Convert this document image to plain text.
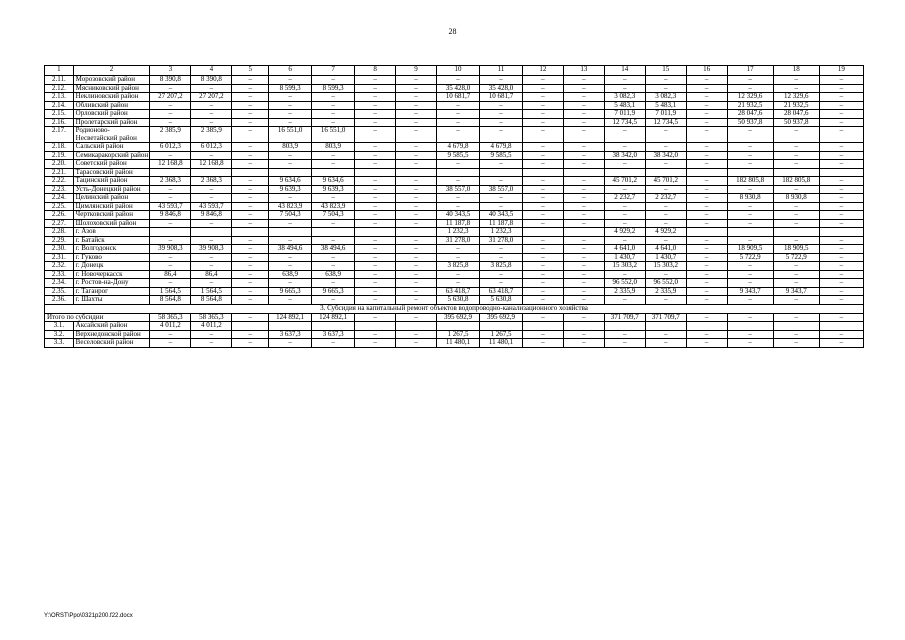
28
1	2	3	4	5	6	7	8	9	10	11	12	13	14	15	16	17	18	19
2.11.	Морозовский район	8 390,8	8 390,8	–	–	–	–	–	–	–	–	–	–	–	–	–	–	–
2.12.	Мясниковский район	–	–	–	8 599,3	8 599,3	–	–	35 428,0	35 428,0	–	–	–	–	–	–	–	–
2.13.	Неклиновский район	27 207,2	27 207,2	–	–	–	–	–	10 681,7	10 681,7	–	–	3 082,3	3 082,3	–	12 329,6	12 329,6	–
2.14.	Обливский район	–	–	–	–	–	–	–	–	–	–	–	5 483,1	5 483,1	–	21 932,5	21 932,5	–
2.15.	Орловский район	–	–	–	–	–	–	–	–	–	–	–	7 011,9	7 011,9	–	28 047,6	28 047,6	–
2.16.	Пролетарский район	–	–	–	–	–	–	–	–	–	–	–	12 734,5	12 734,5	–	50 937,8	50 937,8	–
2.17.	Родионово-Несветайский район	2 385,9	2 385,9	–	16 551,0	16 551,0	–	–	–	–	–	–	–	–	–	–	–	–
2.18.	Сальский район	6 012,3	6 012,3	–	803,9	803,9	–	–	4 679,8	4 679,8	–	–	–	–	–	–	–	–
2.19.	Семикаракорский район	–	–	–	–	–	–	–	9 585,5	9 585,5	–	–	38 342,0	38 342,0	–	–	–	–
2.20.	Советский район	12 168,8	12 168,8	–	–	–	–	–	–	–	–	–	–	–	–	–	–	–
2.21.	Тарасовский район																	
2.22.	Тацинский район	2 368,3	2 368,3	–	9 634,6	9 634,6	–	–	–	–	–	–	45 701,2	45 701,2	–	182 805,8	182 805,8	–
2.23.	Усть-Донецкий район	–	–	–	9 639,3	9 639,3	–	–	38 557,0	38 557,0	–	–	–	–	–	–	–	–
2.24.	Целинский район	–	–	–	–	–	–	–	–	–	–	–	2 232,7	2 232,7	–	8 930,8	8 930,8	–
2.25.	Цимлянский район	43 593,7	43 593,7	–	43 823,9	43 823,9	–	–	–	–	–	–	–	–	–	–	–	–
2.26.	Чертковский район	9 846,8	9 846,8	–	7 504,3	7 504,3	–	–	40 343,5	40 343,5	–	–	–	–	–	–	–	–
2.27.	Шолоховский район	–	–	–	–	–	–	–	11 187,8	11 187,8	–	–	–	–	–	–	–	–
2.28.	г. Азов								1 232,3	1 232,3			4 929,2	4 929,2				
2.29.	г. Батайск	–	–	–	–	–	–	–	31 278,0	31 278,0	–	–	–	–	–	–	–	–
2.30.	г. Волгодонск	39 908,3	39 908,3	–	38 494,6	38 494,6	–	–	–	–	–	–	4 641,0	4 641,0	–	18 909,5	18 909,5	–
2.31.	г. Гуково	–	–	–	–	–	–	–	–	–	–	–	1 430,7	1 430,7	–	5 722,9	5 722,9	–
2.32.	г. Донецк	–	–	–	–	–	–	–	3 825,8	3 825,8	–	–	15 303,2	15 303,2	–	–	–	–
2.33.	г. Новочеркасск	86,4	86,4	–	638,9	638,9	–	–	–	–	–	–	–	–	–	–	–	–
2.34.	г. Ростов-на-Дону	–	–	–	–	–	–	–	–	–	–	–	96 552,0	96 552,0	–	–	–	–
2.35.	г. Таганрог	1 564,5	1 564,5	–	9 665,3	9 665,3	–	–	63 418,7	63 418,7	–	–	2 335,9	2 335,9	–	9 343,7	9 343,7	–
2.36.	г. Шахты	8 564,8	8 564,8	–	–	–	–	–	5 630,8	5 630,8	–	–	–	–	–	–	–	–
3. Субсидия на капитальный ремонт объектов водопроводно-канализационного хозяйства																		
Итого по субсидии		58 365,3	58 365,3	–	124 892,1	124 892,1	–	–	395 692,9	395 692,9	–	–	371 709,7	371 709,7	–	–	–	–
3.1.	Аксайский район	4 011,2	4 011,2															
3.2.	Верхнедонской район	–	–	–	3 637,3	3 637,3	–	–	1 267,5	1 267,5	–	–	–	–	–	–	–	–
3.3.	Веселовский район	–	–	–	–	–	–	–	11 480,1	11 480,1	–	–	–	–	–	–	–	–
Y:\ORST\Ppo\0321p200.f22.docx
